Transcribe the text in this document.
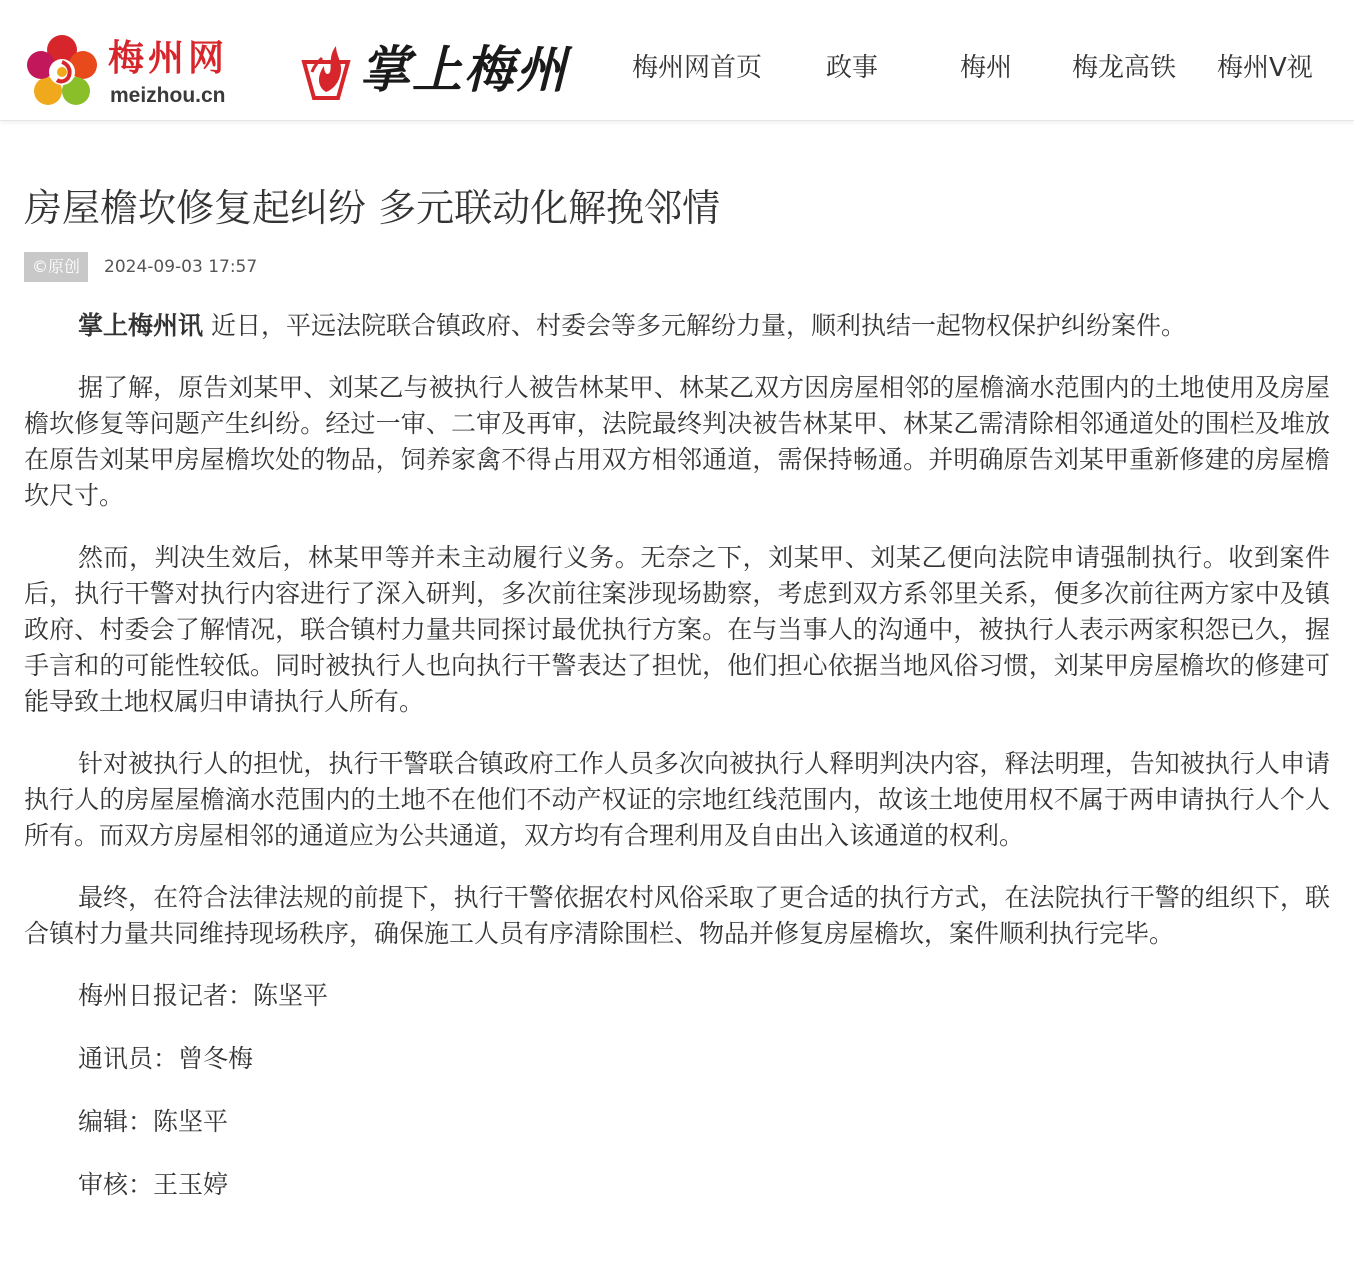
梅州网
meizhou.cn	掌上梅州 梅州网首页 政事	梅州 梅龙高铁 梅州V视
房屋檐坎修复起纠纷 多元联动化解挽邻情
©原创	2024-09-03 17:57

掌上梅州讯 近日，平远法院联合镇政府、村委会等多元解纷力量，顺利执结一起物权保护纠纷案件。

据了解，原告刘某甲、刘某乙与被执行人被告林某甲、林某乙双方因房屋相邻的屋檐滴水范围内的土地使用及房屋檐坎修复等问题产生纠纷。经过一审、二审及再审，法院最终判决被告林某甲、林某乙需清除相邻通道处的围栏及堆放在原告刘某甲房屋檐坎处的物品，饲养家禽不得占用双方相邻通道，需保持畅通。并明确原告刘某甲重新修建的房屋檐坎尺寸。

然而，判决生效后，林某甲等并未主动履行义务。无奈之下，刘某甲、刘某乙便向法院申请强制执行。收到案件后，执行干警对执行内容进行了深入研判，多次前往案涉现场勘察，考虑到双方系邻里关系，便多次前往两方家中及镇政府、村委会了解情况，联合镇村力量共同探讨最优执行方案。在与当事人的沟通中，被执行人表示两家积怨已久，握手言和的可能性较低。同时被执行人也向执行干警表达了担忧，他们担心依据当地风俗习惯，刘某甲房屋檐坎的修建可能导致土地权属归申请执行人所有。

针对被执行人的担忧，执行干警联合镇政府工作人员多次向被执行人释明判决内容，释法明理，告知被执行人申请执行人的房屋屋檐滴水范围内的土地不在他们不动产权证的宗地红线范围内，故该土地使用权不属于两申请执行人个人所有。而双方房屋相邻的通道应为公共通道，双方均有合理利用及自由出入该通道的权利。

最终，在符合法律法规的前提下，执行干警依据农村风俗采取了更合适的执行方式，在法院执行干警的组织下，联合镇村力量共同维持现场秩序，确保施工人员有序清除围栏、物品并修复房屋檐坎，案件顺利执行完毕。

梅州日报记者：陈坚平

通讯员：曾冬梅

编辑：陈坚平

审核：王玉婷
